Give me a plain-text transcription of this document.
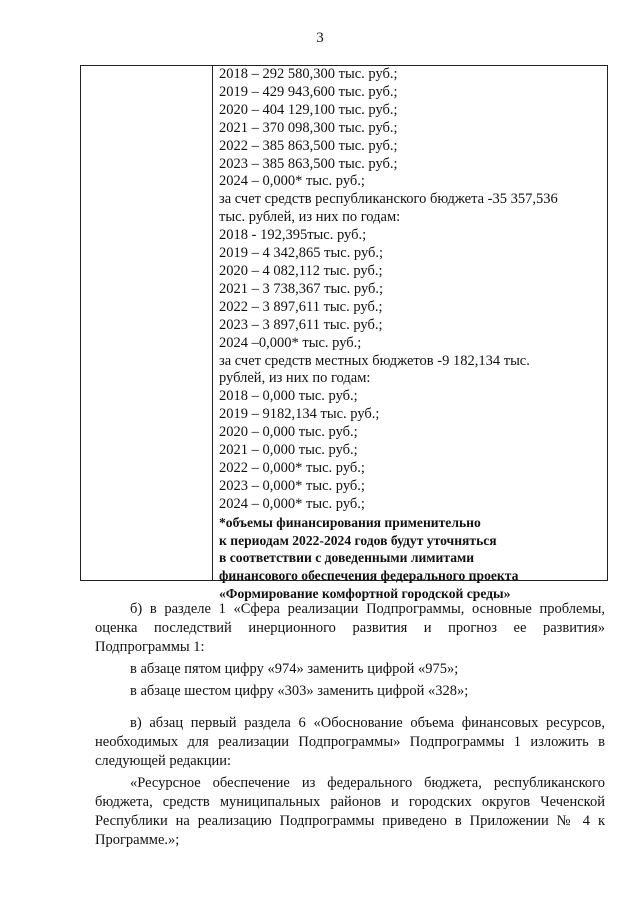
3
2018 – 292 580,300 тыс. руб.;
2019 – 429 943,600 тыс. руб.;
2020 – 404 129,100 тыс. руб.;
2021 – 370 098,300 тыс. руб.;
2022 – 385 863,500 тыс. руб.;
2023 – 385 863,500 тыс. руб.;
2024 – 0,000* тыс. руб.;
за счет средств республиканского бюджета -35 357,536
тыс. рублей, из них по годам:
2018 - 192,395тыс. руб.;
2019 – 4 342,865 тыс. руб.;
2020 – 4 082,112 тыс. руб.;
2021 – 3 738,367 тыс. руб.;
2022 – 3 897,611 тыс. руб.;
2023 – 3 897,611 тыс. руб.;
2024 –0,000* тыс. руб.;
за счет средств местных бюджетов -9 182,134 тыс.
рублей, из них по годам:
2018 – 0,000 тыс. руб.;
2019 – 9182,134 тыс. руб.;
2020 – 0,000 тыс. руб.;
2021 – 0,000 тыс. руб.;
2022 – 0,000* тыс. руб.;
2023 – 0,000* тыс. руб.;
2024 – 0,000* тыс. руб.;
*объемы финансирования применительно
к периодам 2022-2024 годов будут уточняться
в соответствии с доведенными лимитами
финансового обеспечения федерального проекта
«Формирование комфортной городской среды»

б) в разделе 1 «Сфера реализации Подпрограммы, основные проблемы, оценка последствий инерционного развития и прогноз ее развития» Подпрограммы 1:

в абзаце пятом цифру «974» заменить цифрой «975»;

в абзаце шестом цифру «303» заменить цифрой «328»;

в) абзац первый раздела 6 «Обоснование объема финансовых ресурсов, необходимых для реализации Подпрограммы» Подпрограммы 1 изложить в следующей редакции:

«Ресурсное обеспечение из федерального бюджета, республиканского бюджета, средств муниципальных районов и городских округов Чеченской Республики на реализацию Подпрограммы приведено в Приложении № 4 к Программе.»;
